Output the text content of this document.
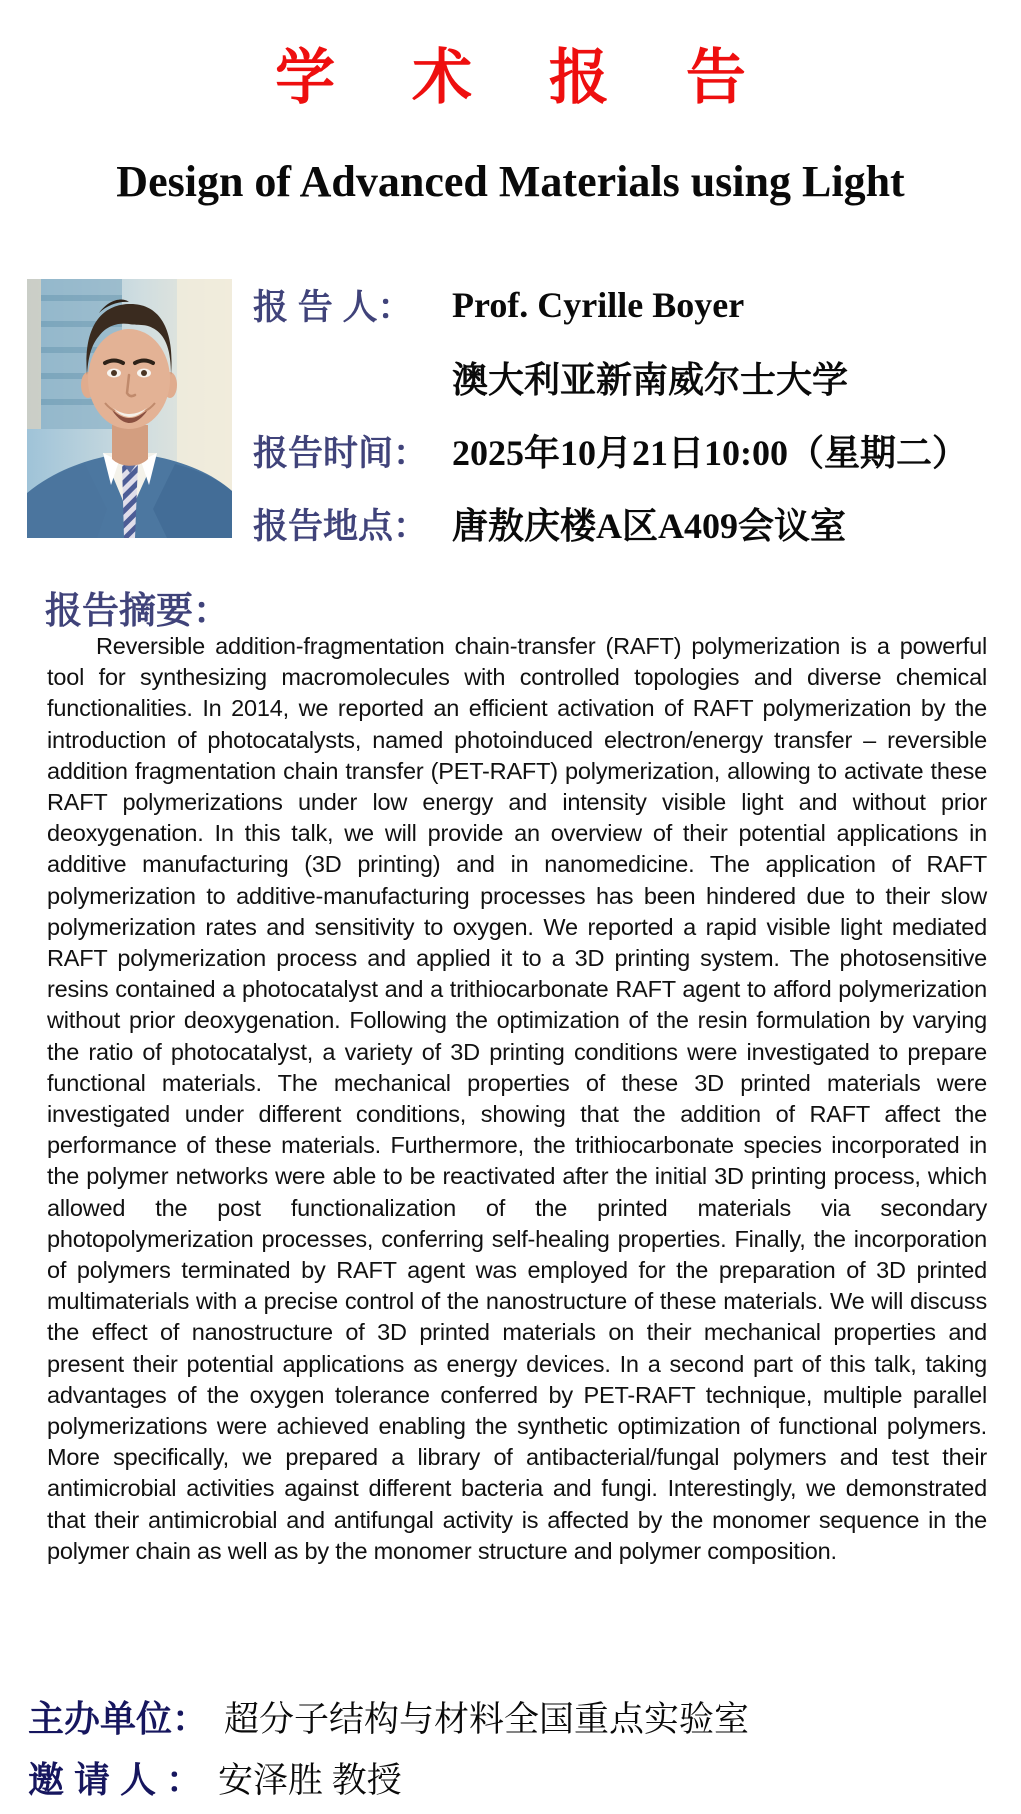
学 术 报 告
Design of Advanced Materials using Light
报 告 人：	Prof. Cyrille Boyer
澳大利亚新南威尔士大学
报告时间： 2025年10月21日10:00（星期二）
报告地点： 唐敖庆楼A区A409会议室
报告摘要：

Reversible addition-fragmentation chain-transfer (RAFT) polymerization is a powerful tool for synthesizing macromolecules with controlled topologies and diverse chemical functionalities. In 2014, we reported an efficient activation of RAFT polymerization by the introduction of photocatalysts, named photoinduced electron/energy transfer – reversible addition fragmentation chain transfer (PET-RAFT) polymerization, allowing to activate these RAFT polymerizations under low energy and intensity visible light and without prior deoxygenation. In this talk, we will provide an overview of their potential applications in additive manufacturing (3D printing) and in nanomedicine. The application of RAFT polymerization to additive-manufacturing processes has been hindered due to their slow polymerization rates and sensitivity to oxygen. We reported a rapid visible light mediated RAFT polymerization process and applied it to a 3D printing system. The photosensitive resins contained a photocatalyst and a trithiocarbonate RAFT agent to afford polymerization without prior deoxygenation. Following the optimization of the resin formulation by varying the ratio of photocatalyst, a variety of 3D printing conditions were investigated to prepare functional materials. The mechanical properties of these 3D printed materials were investigated under different conditions, showing that the addition of RAFT affect the performance of these materials. Furthermore, the trithiocarbonate species incorporated in the polymer networks were able to be reactivated after the initial 3D printing process, which allowed the post functionalization of the printed materials via secondary photopolymerization processes, conferring self-healing properties. Finally, the incorporation of polymers terminated by RAFT agent was employed for the preparation of 3D printed multimaterials with a precise control of the nanostructure of these materials. We will discuss the effect of nanostructure of 3D printed materials on their mechanical properties and present their potential applications as energy devices. In a second part of this talk, taking advantages of the oxygen tolerance conferred by PET-RAFT technique, multiple parallel polymerizations were achieved enabling the synthetic optimization of functional polymers. More specifically, we prepared a library of antibacterial/fungal polymers and test their antimicrobial activities against different bacteria and fungi. Interestingly, we demonstrated that their antimicrobial and antifungal activity is affected by the monomer sequence in the polymer chain as well as by the monomer structure and polymer composition.

主办单位： 超分子结构与材料全国重点实验室
邀 请 人 ： 安泽胜 教授
